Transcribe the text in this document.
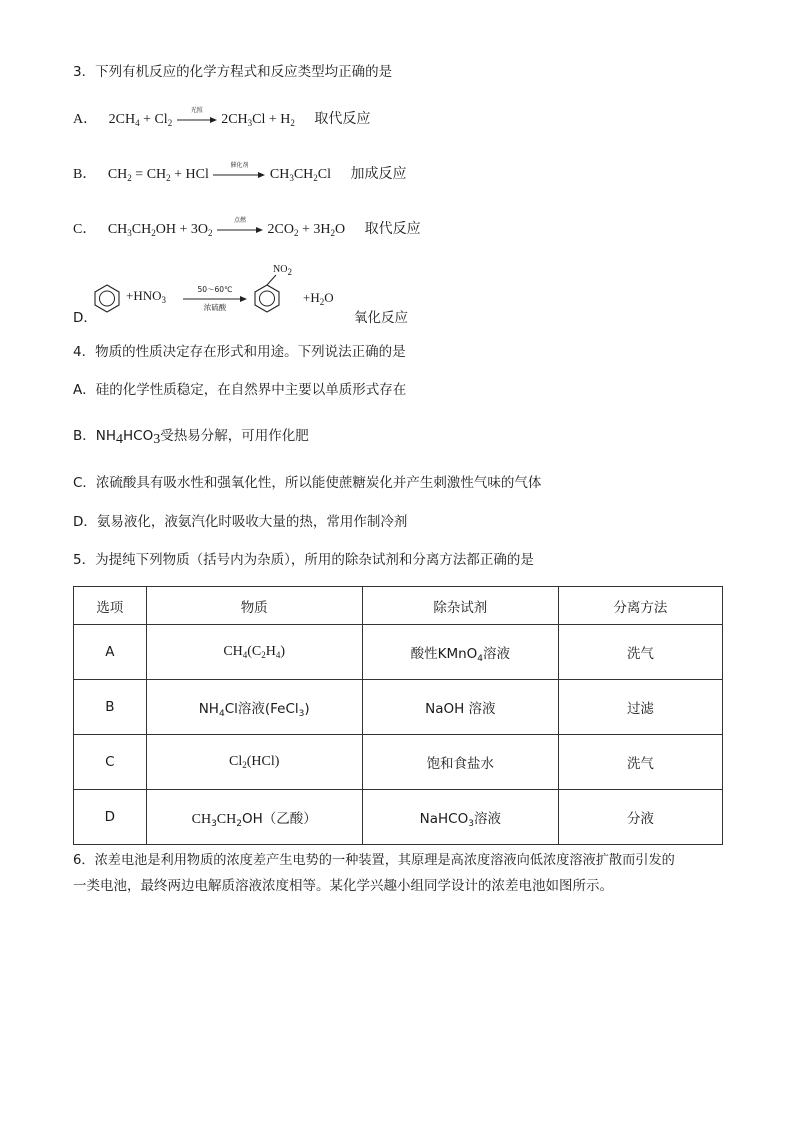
3．下列有机反应的化学方程式和反应类型均正确的是
A． $2CH_4 + Cl_2$
光照
$2CH_3Cl + H_2$ 取代反应
B． $CH_2 = CH_2$ + HCl
催化剂
$CH_3CH_2Cl$ 加成反应
C． $CH_3CH_2OH + 3O_2$
点燃
$2CO_2 + 3H_2O$ 取代反应
D．
$+HNO_3$
50～60℃
浓硫酸
$NO_2$
$+H_2O$
氧化反应
4．物质的性质决定存在形式和用途。下列说法正确的是
A．硅的化学性质稳定，在自然界中主要以单质形式存在
B．$NH_4HCO_3$受热易分解，可用作化肥
C．浓硫酸具有吸水性和强氧化性，所以能使蔗糖炭化并产生刺激性气味的气体
D．氨易液化，液氨汽化时吸收大量的热，常用作制冷剂
5．为提纯下列物质（括号内为杂质），所用的除杂试剂和分离方法都正确的是
选项	物质	除杂试剂	分离方法
A	$CH_4(C_2H_4)$	酸性KMnO$_4$溶液	洗气
B	$NH_4Cl$溶液(FeCl$_3$)	NaOH 溶液	过滤
C	$Cl_2(HCl)$	饱和食盐水	洗气
D	$CH_3CH_2OH$（乙酸）	NaHCO$_3$溶液	分液
6．浓差电池是利用物质的浓度差产生电势的一种装置，其原理是高浓度溶液向低浓度溶液扩散而引发的
一类电池，最终两边电解质溶液浓度相等。某化学兴趣小组同学设计的浓差电池如图所示。
